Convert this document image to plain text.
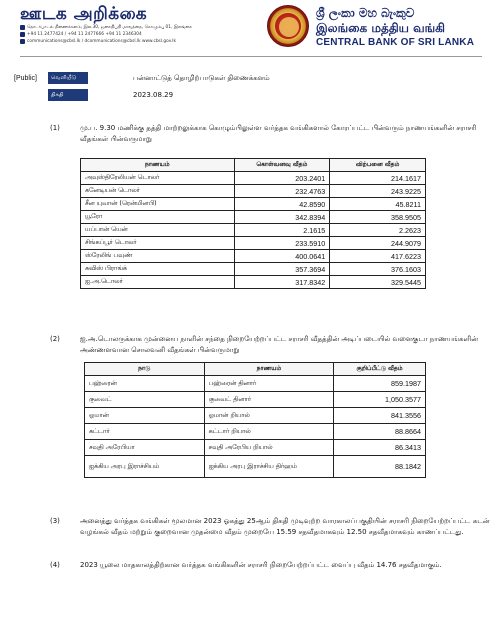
ஊடக அறிக்கை
தொடர்பாடல் திணைக்களம், இல.30, ஜனாதிபதி மாவத்தை, கொழும்பு 01, இலங்கை
+94 11 2477424 / +94 11 2477666 +94 11 2346304
communications@cbsl.lk / dcommunications@cbsl.lk www.cbsl.gov.lk
ශ්‍රී ලංකා මහ බැංකුව
இலங்கை மத்திய வங்கி
CENTRAL BANK OF SRI LANKA
[Public]	வெளியீடு	பன்னாட்டுத் தொழிற்பாடுகள் திணைக்களம்
திகதி	2023.08.29
(1)	மு.ப. 9.30 மணிக்கு தத்தி மாற்றலுக்காக கொழும்பிலுள்ள வர்த்தக வங்கிகளால் கோரப்பட்ட பின்வரும் நாணயங்களின் சராசரி வீதங்கள் பின்வருமாறு
நாணயம்	கொள்வனவு வீதம்	விற்பனை வீதம்
அவுஸ்திரேலியன் டொலர்	203.2401	214.1617
கனேடியன் டொலர்	232.4763	243.9225
சீன யுவான் (ரென்மினபி)	42.8590	45.8211
யூரோ	342.8394	358.9505
யப்பான் யென்	2.1615	2.2623
சிங்கப்பூர் டொலர்	233.5910	244.9079
ஸ்ரேலிங் பவுண்	400.0641	417.6223
சுவிஸ் பிராங்க்	357.3694	376.1603
ஐ.அ.டொலர்	317.8342	329.5445
(2)	ஐ.அ.டொலருக்காக முன்னைய நாளின் சந்தை நிறையேற்றப்பட்ட சராசரி வீதத்தின் அடிப்படையில் வளைகுடா நாணயங்களின் அண்ணளவான சொலவனி வீதங்கள் பின்வருமாறு
நாடு	நாணயம்	குறிப்பீட்டு வீதம்
பஹ்ரைன்	பஹ்ரைன் தினார்	859.1987
குவைட்	குவைட் தினார்	1,050.3577
ஓமான்	ஓமான் றியால்	841.3556
கட்டார்	கட்டார் றியால்	88.8664
சவுதி அரேபியா	சவுதி அரேபிய றியால்	86.3413
ஐக்கிய அரபு இராச்சியம்	ஐக்கிய அரபு இராச்சிய திர்ஹம்	88.1842
(3)	அனைத்து வர்த்தக வங்கிகள் மூலமான 2023 ஓகத்து 25ஆம் திகதி முடிவுற்ற வாரகாலப்பகுதியின் சராசரி நிறையேற்றப்பட்ட கடன் வழங்கல் வீதம் மற்றும் குறைவான முதன்மை வீதம் முறையே 15.59 சதவீதமாகவும் 12.50 சதவீதமாகவும் காணப்பட்டது.
(4)	2023 யூலை மாதகாலத்திற்கான வர்த்தக வங்கிகளின் சராசரி நிறையேற்றப்பட்ட வைப்பு வீதம் 14.76 சதவீதமாகும்.
